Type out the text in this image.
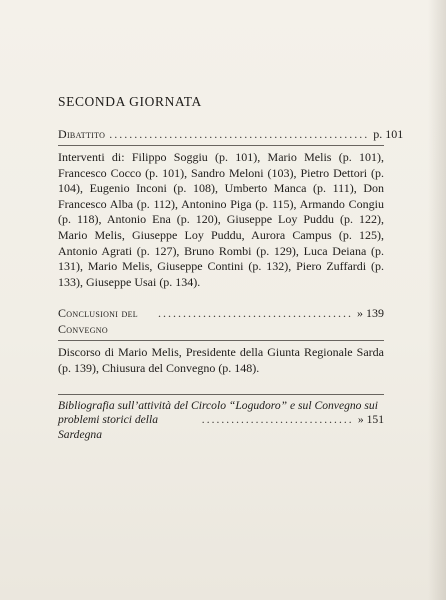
SECONDA GIORNATA
Dibattito .................................................... p. 101
Interventi di: Filippo Soggiu (p. 101), Mario Melis (p. 101), Francesco Cocco (p. 101), Sandro Meloni (103), Pietro Dettori (p. 104), Eugenio Inconi (p. 108), Umberto Manca (p. 111), Don Francesco Alba (p. 112), Antonino Piga (p. 115), Armando Congiu (p. 118), Antonio Ena (p. 120), Giuseppe Loy Puddu (p. 122), Mario Melis, Giuseppe Loy Puddu, Aurora Campus (p. 125), Antonio Agrati (p. 127), Bruno Rombi (p. 129), Luca Deiana (p. 131), Mario Melis, Giuseppe Contini (p. 132), Piero Zuffardi (p. 133), Giuseppe Usai (p. 134).
Conclusioni del Convegno
....................................... » 139
Discorso di Mario Melis, Presidente della Giunta Regionale Sarda (p. 139), Chiusura del Convegno (p. 148).
Bibliografia sull’attività del Circolo “Logudoro” e sul Convegno sui
problemi storici della Sardegna
............................... » 151
